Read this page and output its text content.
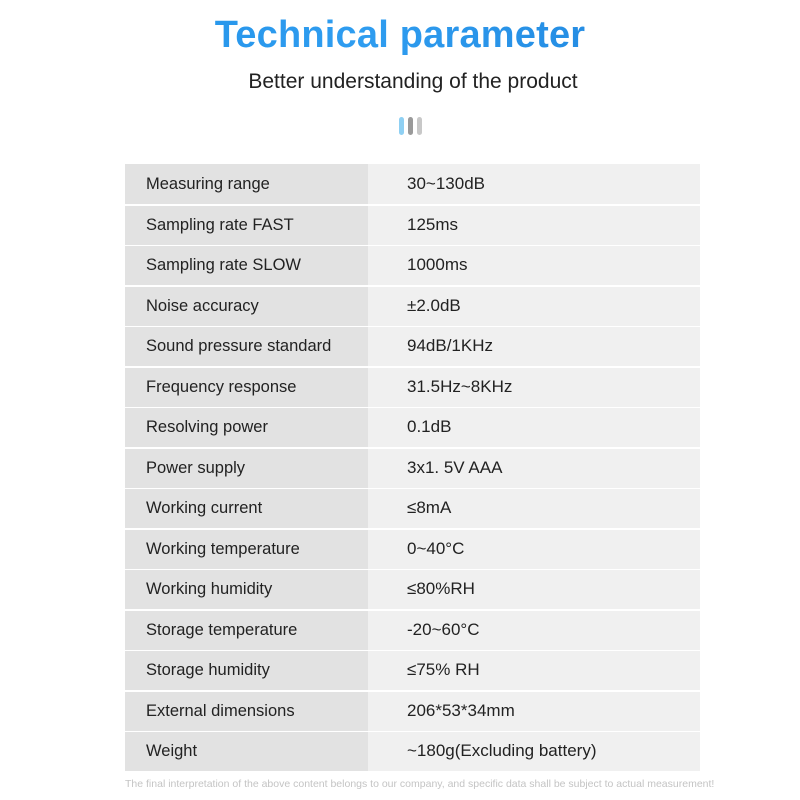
Technical parameter
Better understanding of the product
Measuring range	30~130dB
Sampling rate FAST	125ms
Sampling rate SLOW	1000ms
Noise accuracy	±2.0dB
Sound pressure standard	94dB/1KHz
Frequency response	31.5Hz~8KHz
Resolving power	0.1dB
Power supply	3x1. 5V AAA
Working current	≤8mA
Working temperature	0~40°C
Working humidity	≤80%RH
Storage temperature	-20~60°C
Storage humidity	≤75% RH
External dimensions	206*53*34mm
Weight	~180g(Excluding battery)
The final interpretation of the above content belongs to our company, and specific data shall be subject to actual measurement!
